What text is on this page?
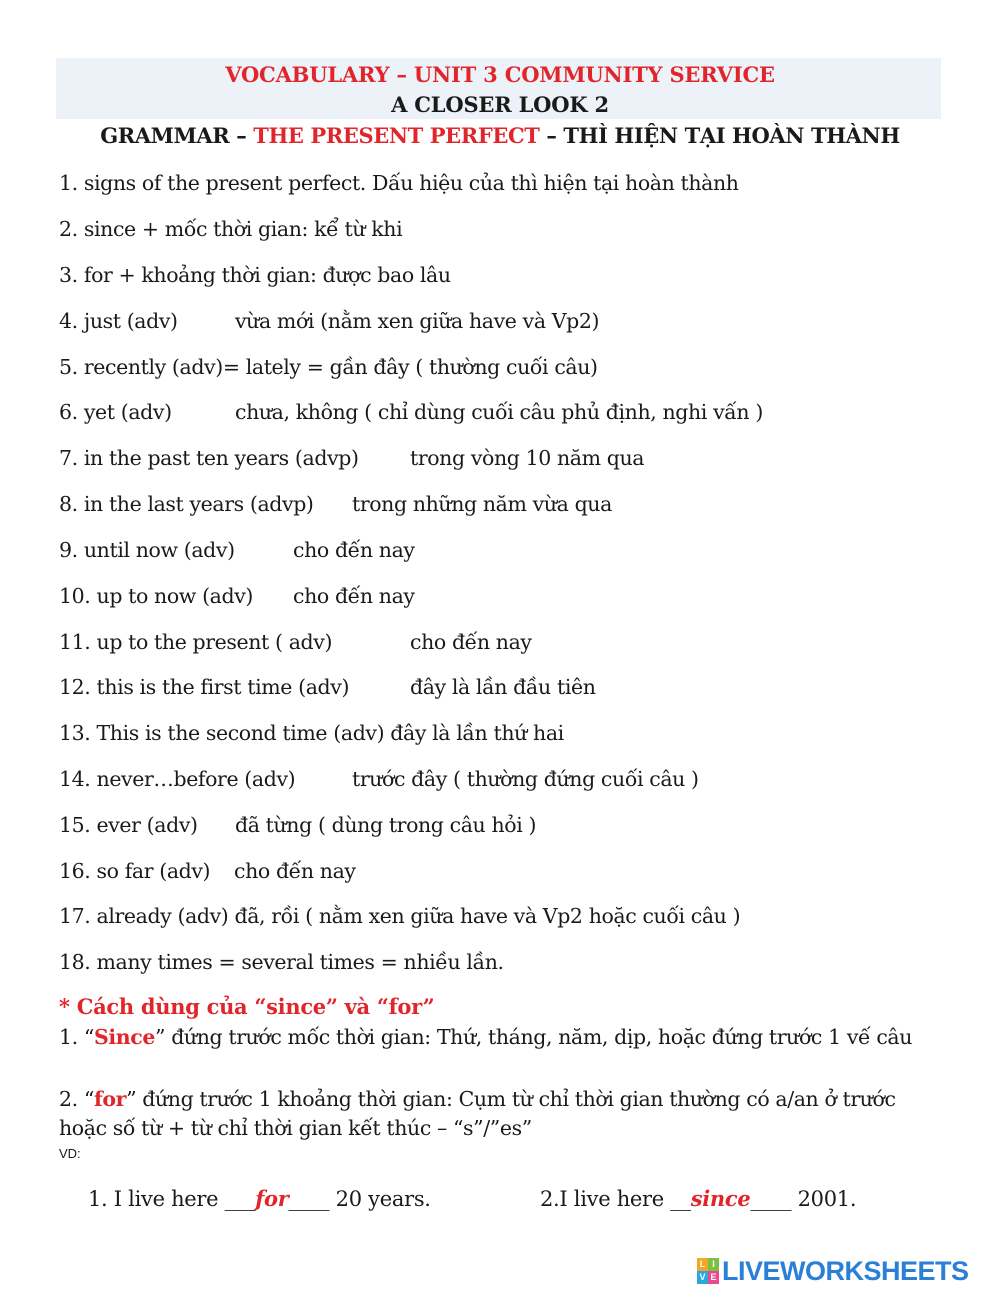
VOCABULARY – UNIT 3 COMMUNITY SERVICE
A CLOSER LOOK 2
GRAMMAR – THE PRESENT PERFECT – THÌ HIỆN TẠI HOÀN THÀNH
1. signs of the present perfect. Dấu hiệu của thì hiện tại hoàn thành
2. since + mốc thời gian: kể từ khi
3. for + khoảng thời gian: được bao lâu
4. just (adv)	vừa mới (nằm xen giữa have và Vp2)
5. recently (adv)= lately = gần đây ( thường cuối câu)
6. yet (adv)	chưa, không ( chỉ dùng cuối câu phủ định, nghi vấn )
7. in the past ten years (advp)	trong vòng 10 năm qua
8. in the last years (advp) trong những năm vừa qua
9. until now (adv)	cho đến nay
10. up to now (adv) cho đến nay
11. up to the present ( adv)	cho đến nay
12. this is the first time (adv)	đây là lần đầu tiên
13. This is the second time (adv) đây là lần thứ hai
14. never…before (adv)	trước đây ( thường đứng cuối câu )
15. ever (adv) đã từng ( dùng trong câu hỏi )
16. so far (adv) cho đến nay
17. already (adv) đã, rồi ( nằm xen giữa have và Vp2 hoặc cuối câu )
18. many times = several times = nhiều lần.
* Cách dùng của “since” và “for”
1. “Since” đứng trước mốc thời gian: Thứ, tháng, năm, dịp, hoặc đứng trước 1 vế câu
2. “for” đứng trước 1 khoảng thời gian: Cụm từ chỉ thời gian thường có a/an ở trước hoặc số từ + từ chỉ thời gian kết thúc – “s”/”es”
VD:
1. I live here ___for____ 20 years.	2.I live here __since____ 2001.
L I
V E LIVEWORKSHEETS
